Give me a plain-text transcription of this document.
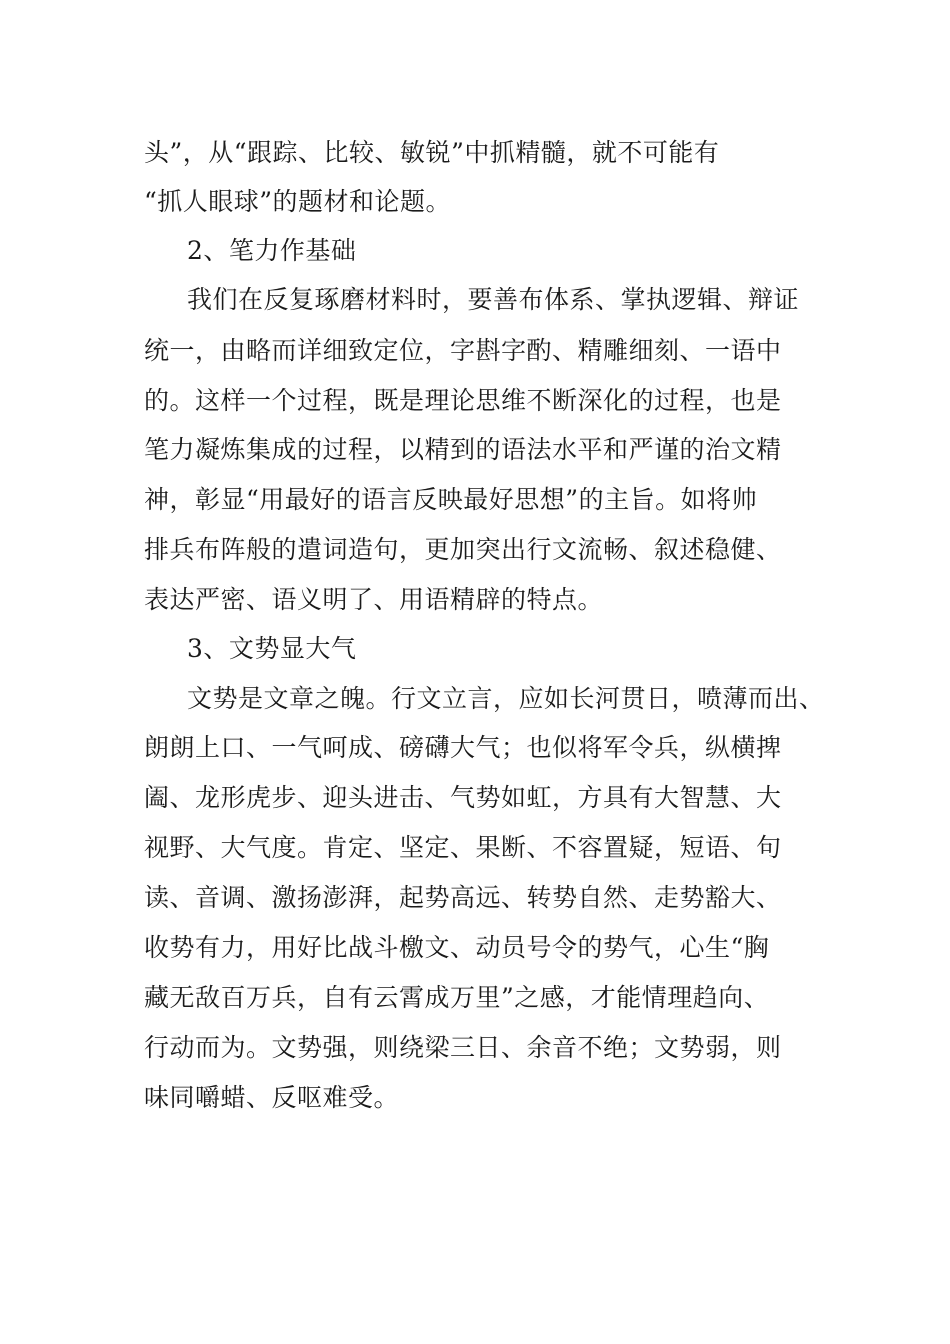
头”，从“跟踪、比较、敏锐”中抓精髓，就不可能有
“抓人眼球”的题材和论题。
2、笔力作基础
我们在反复琢磨材料时，要善布体系、掌执逻辑、辩证
统一，由略而详细致定位，字斟字酌、精雕细刻、一语中
的。这样一个过程，既是理论思维不断深化的过程，也是
笔力凝炼集成的过程，以精到的语法水平和严谨的治文精
神，彰显“用最好的语言反映最好思想”的主旨。如将帅
排兵布阵般的遣词造句，更加突出行文流畅、叙述稳健、
表达严密、语义明了、用语精辟的特点。
3、文势显大气
文势是文章之魄。行文立言，应如长河贯日，喷薄而出、
朗朗上口、一气呵成、磅礴大气；也似将军令兵，纵横捭
阖、龙形虎步、迎头进击、气势如虹，方具有大智慧、大
视野、大气度。肯定、坚定、果断、不容置疑，短语、句
读、音调、激扬澎湃，起势高远、转势自然、走势豁大、
收势有力，用好比战斗檄文、动员号令的势气，心生“胸
藏无敌百万兵，自有云霄成万里”之感，才能情理趋向、
行动而为。文势强，则绕梁三日、余音不绝；文势弱，则
味同嚼蜡、反呕难受。
